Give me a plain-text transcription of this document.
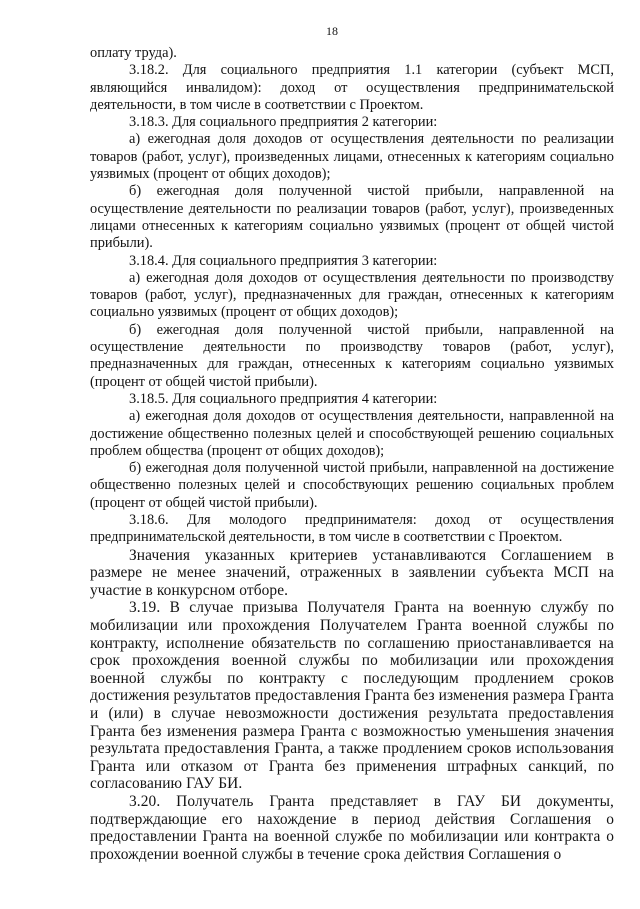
18

оплату труда).

3.18.2. Для социального предприятия 1.1 категории (субъект МСП, являющийся инвалидом): доход от осуществления предпринимательской деятельности, в том числе в соответствии с Проектом.

3.18.3. Для социального предприятия 2 категории:

а) ежегодная доля доходов от осуществления деятельности по реализации товаров (работ, услуг), произведенных лицами, отнесенных к категориям социально уязвимых (процент от общих доходов);

б) ежегодная доля полученной чистой прибыли, направленной на осуществление деятельности по реализации товаров (работ, услуг), произведенных лицами отнесенных к категориям социально уязвимых (процент от общей чистой прибыли).

3.18.4. Для социального предприятия 3 категории:

а) ежегодная доля доходов от осуществления деятельности по производству товаров (работ, услуг), предназначенных для граждан, отнесенных к категориям социально уязвимых (процент от общих доходов);

б) ежегодная доля полученной чистой прибыли, направленной на осуществление деятельности по производству товаров (работ, услуг), предназначенных для граждан, отнесенных к категориям социально уязвимых (процент от общей чистой прибыли).

3.18.5. Для социального предприятия 4 категории:

а) ежегодная доля доходов от осуществления деятельности, направленной на достижение общественно полезных целей и способствующей решению социальных проблем общества (процент от общих доходов);

б) ежегодная доля полученной чистой прибыли, направленной на достижение общественно полезных целей и способствующих решению социальных проблем (процент от общей чистой прибыли).

3.18.6. Для молодого предпринимателя: доход от осуществления предпринимательской деятельности, в том числе в соответствии с Проектом.

Значения указанных критериев устанавливаются Соглашением в размере не менее значений, отраженных в заявлении субъекта МСП на участие в конкурсном отборе.

3.19. В случае призыва Получателя Гранта на военную службу по мобилизации или прохождения Получателем Гранта военной службы по контракту, исполнение обязательств по соглашению приостанавливается на срок прохождения военной службы по мобилизации или прохождения военной службы по контракту с последующим продлением сроков достижения результатов предоставления Гранта без изменения размера Гранта и (или) в случае невозможности достижения результата предоставления Гранта без изменения размера Гранта с возможностью уменьшения значения результата предоставления Гранта, а также продлением сроков использования Гранта или отказом от Гранта без применения штрафных санкций, по согласованию ГАУ БИ.

3.20. Получатель Гранта представляет в ГАУ БИ документы, подтверждающие его нахождение в период действия Соглашения о предоставлении Гранта на военной службе по мобилизации или контракта о прохождении военной службы в течение срока действия Соглашения о
